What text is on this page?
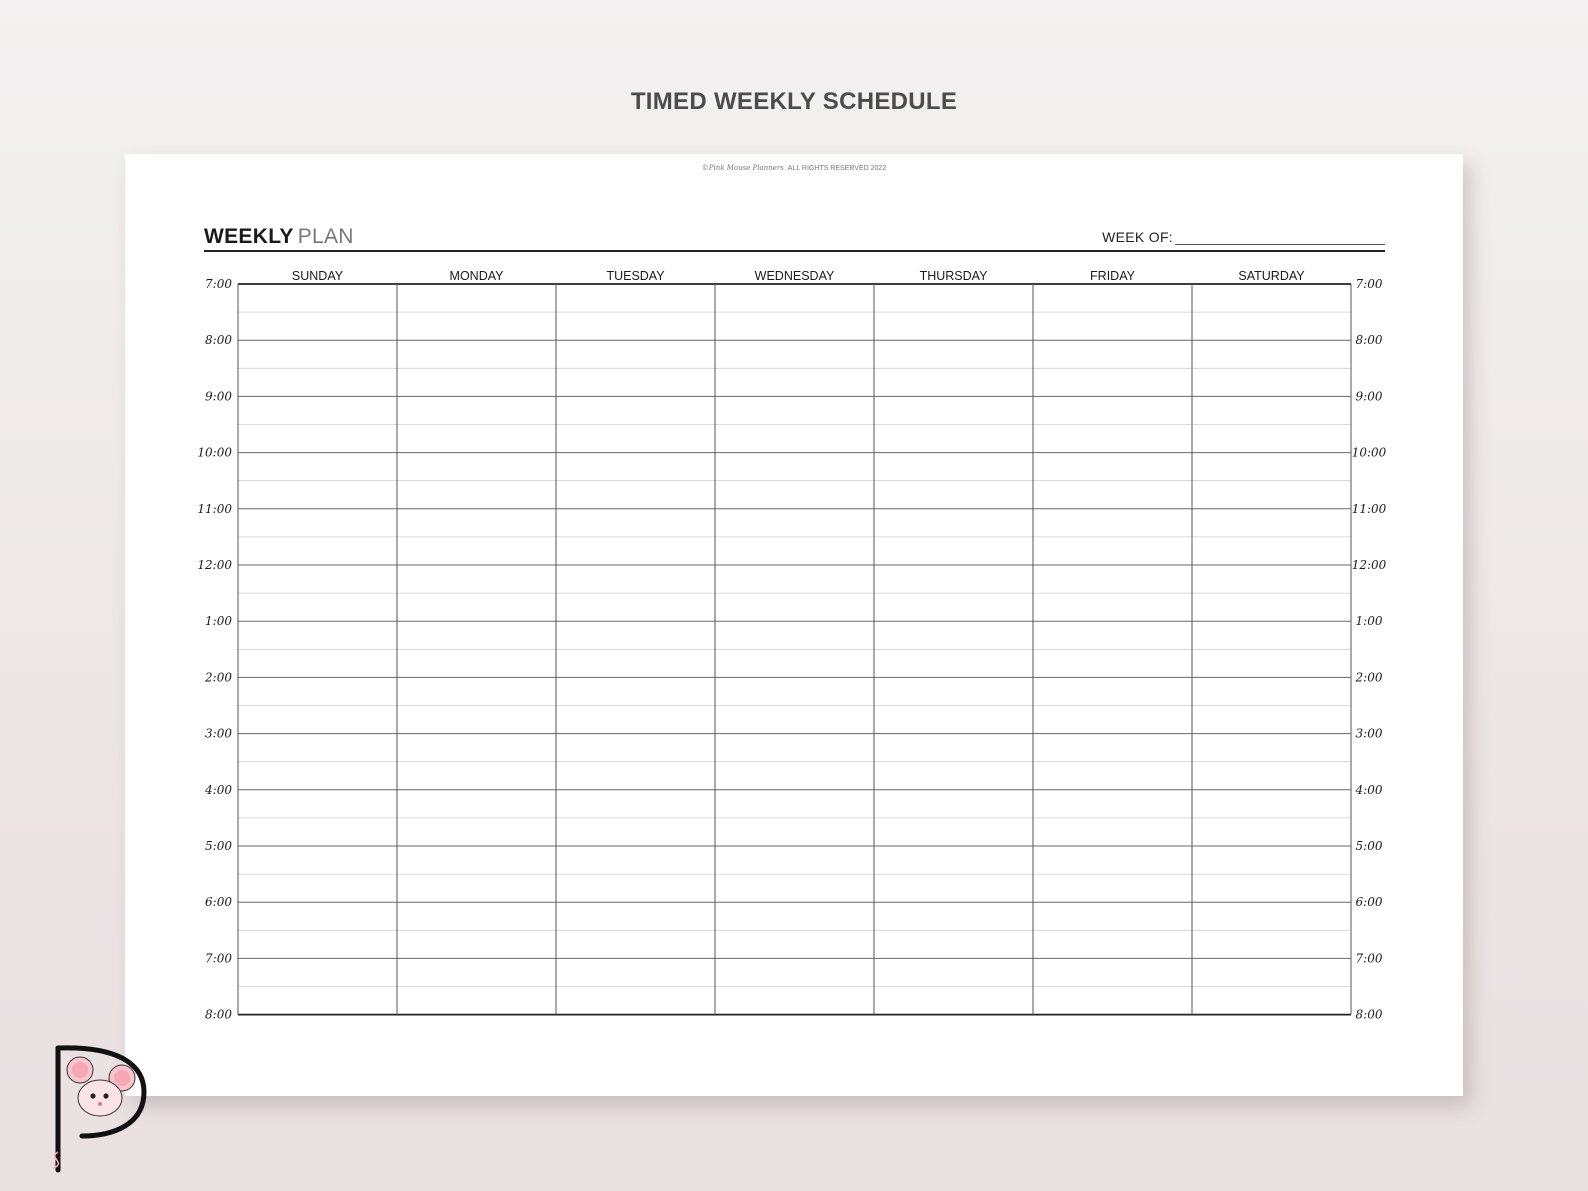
TIMED WEEKLY SCHEDULE
©Pink Mouse Planners ALL RIGHTS RESERVED 2022
WEEKLY PLAN	WEEK OF:
SUNDAY	MONDAY	TUESDAY	WEDNESDAY	THURSDAY	FRIDAY	SATURDAY
7:00	7:00
8:00	8:00
9:00	9:00
10:00	10:00
11:00	11:00
12:00	12:00
1:00	1:00
2:00	2:00
3:00	3:00
4:00	4:00
5:00	5:00
6:00	6:00
7:00	7:00
8:00	8:00
